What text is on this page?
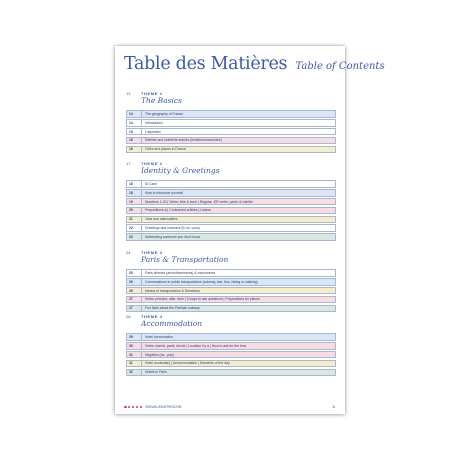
Table des Matières Table of Contents
13	THEME 1
The Basics
14	The geography of France
14	Introduction
15	L'alphabet
16	Definite and indefinite articles (le/la/les/une/un/des)
16	Cities and places in France
17	THEME 2
Identity & Greetings
18	ID Card
18	How to introduce yourself
19	Numbers 1-20 | Verbs: être & avoir | Regular -ER verbs: parler & habiter
20	Prepositions à | Contracted articles | Liaison
21	Jobs and nationalities
22	Greetings and manners (tu vs. vous)
23	Addressing someone you don't know
24	THEME 3
Paris & Transportation
25	Paris districts (arrondissements) & monuments
26	Conversations in public transportation (subway, taxi, bus, biking or walking)
26	Means of transportation & Directions
27	Verbs: prendre, aller, faire | 3 ways to ask questions | Prepositions for places
27	Fun facts about the Parisian subway
28	THEME 4
Accommodation
29	Hotel conversation
30	Verbs: dormir, partir, devoir | Location il y a | How to ask for the time
31	Negation (ne...pas)
31	Hotel vocabulary | Accommodation | Moments of the day
32	Hotels in Paris
BREAKLIKEAFRENCHIE	iii
